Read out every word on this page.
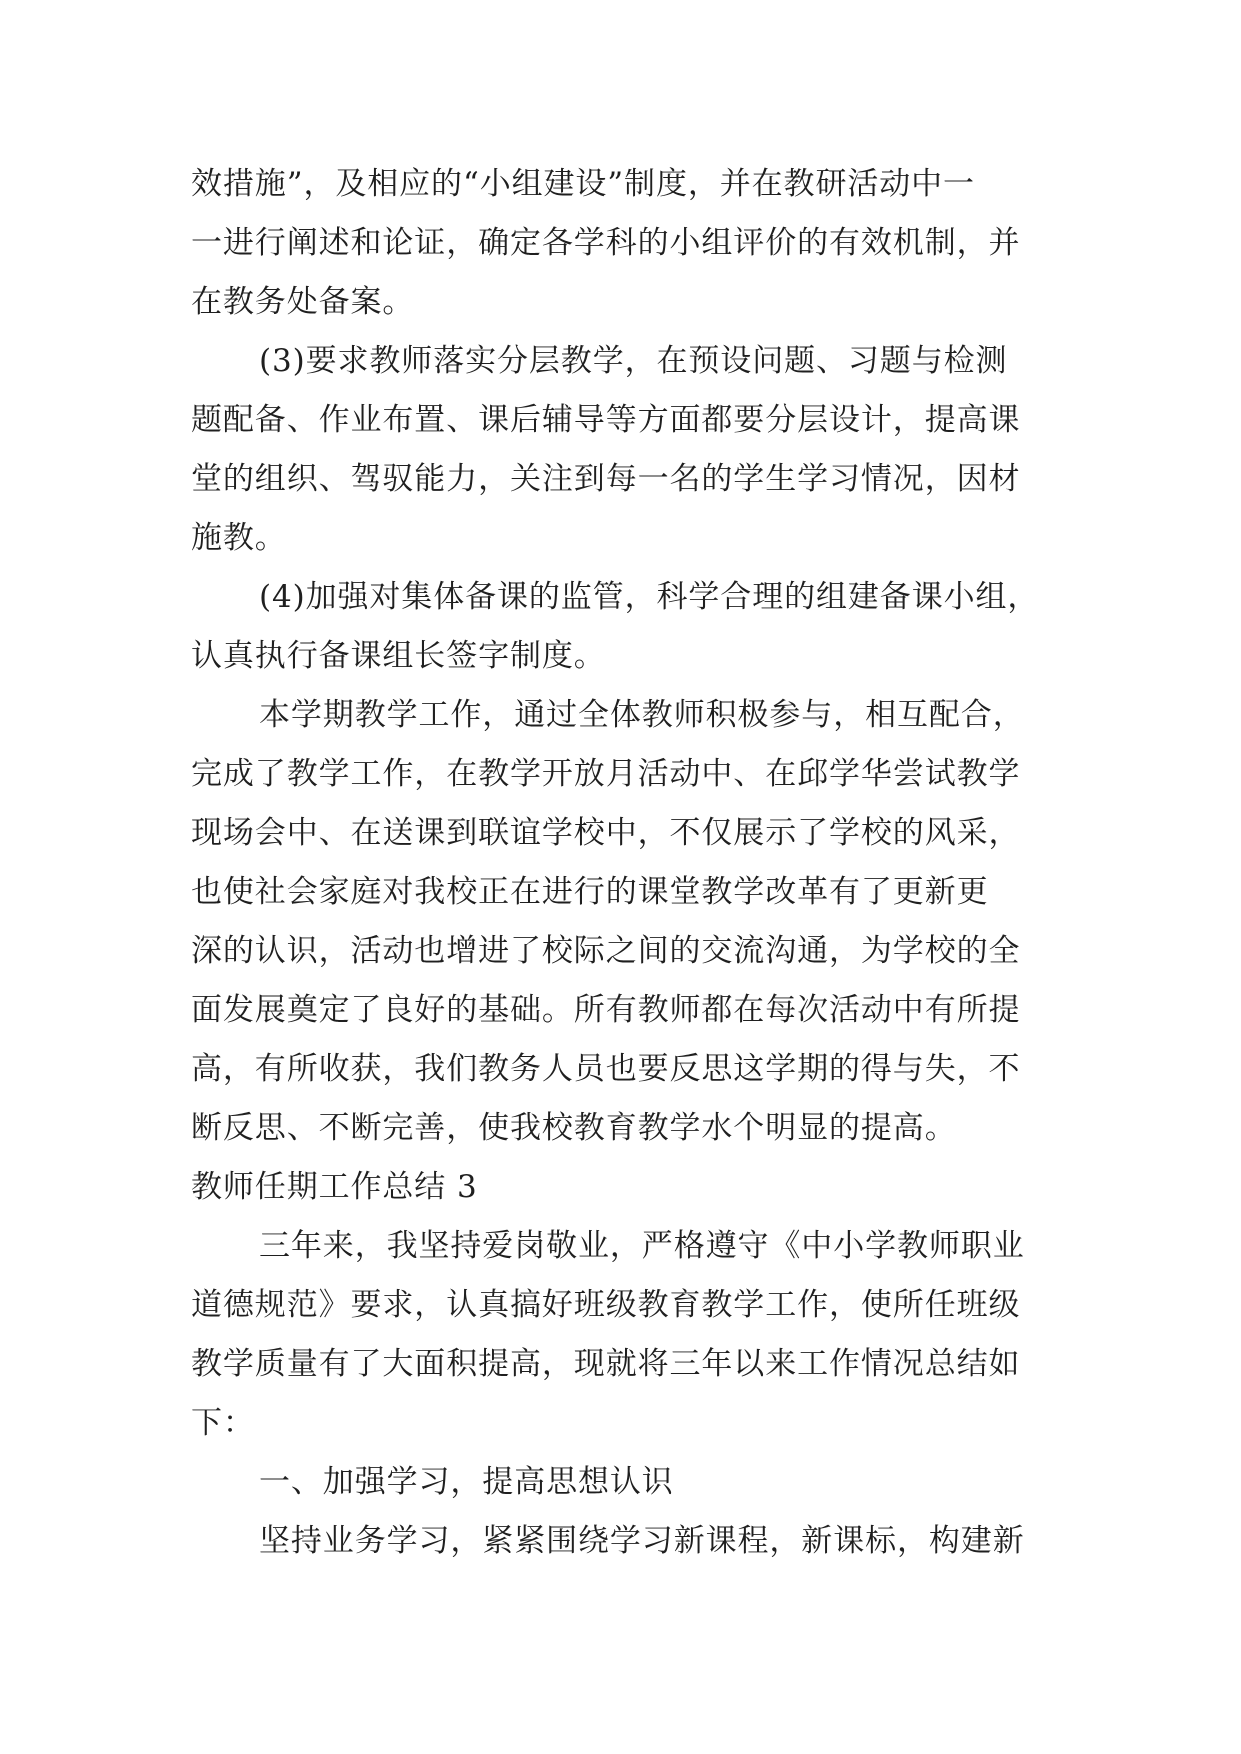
效措施”，及相应的“小组建设”制度，并在教研活动中一

一进行阐述和论证，确定各学科的小组评价的有效机制，并

在教务处备案。

(3)要求教师落实分层教学，在预设问题、习题与检测

题配备、作业布置、课后辅导等方面都要分层设计，提高课

堂的组织、驾驭能力，关注到每一名的学生学习情况，因材

施教。

(4)加强对集体备课的监管，科学合理的组建备课小组，

认真执行备课组长签字制度。

本学期教学工作，通过全体教师积极参与，相互配合，

完成了教学工作，在教学开放月活动中、在邱学华尝试教学

现场会中、在送课到联谊学校中，不仅展示了学校的风采，

也使社会家庭对我校正在进行的课堂教学改革有了更新更

深的认识，活动也增进了校际之间的交流沟通，为学校的全

面发展奠定了良好的基础。所有教师都在每次活动中有所提

高，有所收获，我们教务人员也要反思这学期的得与失，不

断反思、不断完善，使我校教育教学水个明显的提高。

教师任期工作总结 3

三年来，我坚持爱岗敬业，严格遵守《中小学教师职业

道德规范》要求，认真搞好班级教育教学工作，使所任班级

教学质量有了大面积提高，现就将三年以来工作情况总结如

下：

一、加强学习，提高思想认识

坚持业务学习，紧紧围绕学习新课程，新课标，构建新
